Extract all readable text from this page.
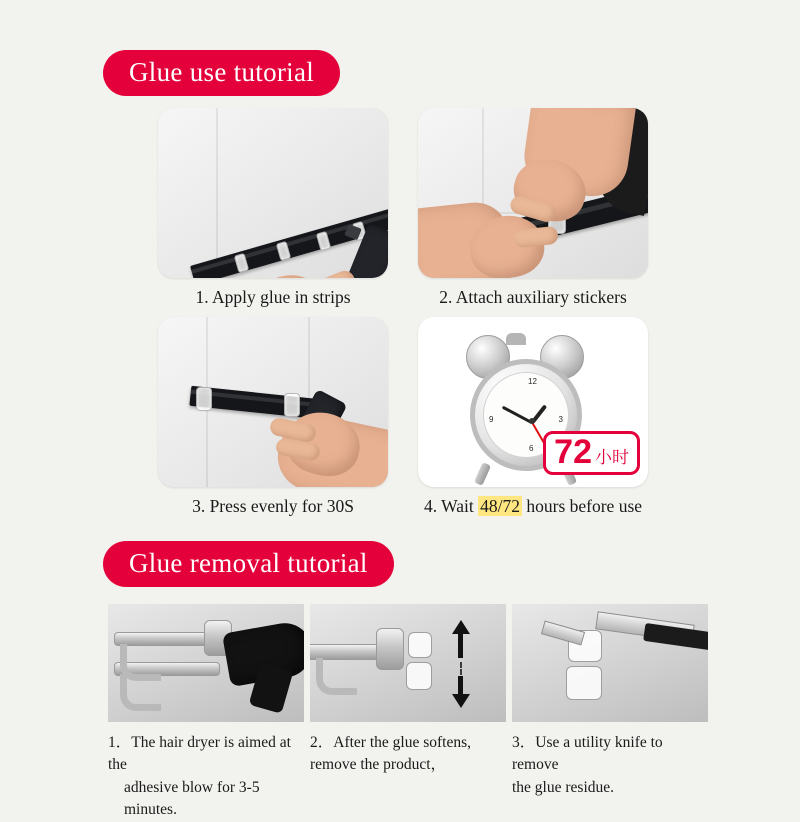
Glue use tutorial
1. Apply glue in strips	2. Attach auxiliary stickers
3. Press evenly for 30S
12
3
6
9
72 小时
4. Wait 48/72 hours before use
Glue removal tutorial
1．The hair dryer is aimed at the
adhesive blow for 3-5 minutes.
2．After the glue softens,
remove the product，
3．Use a utility knife to remove
the glue residue.
